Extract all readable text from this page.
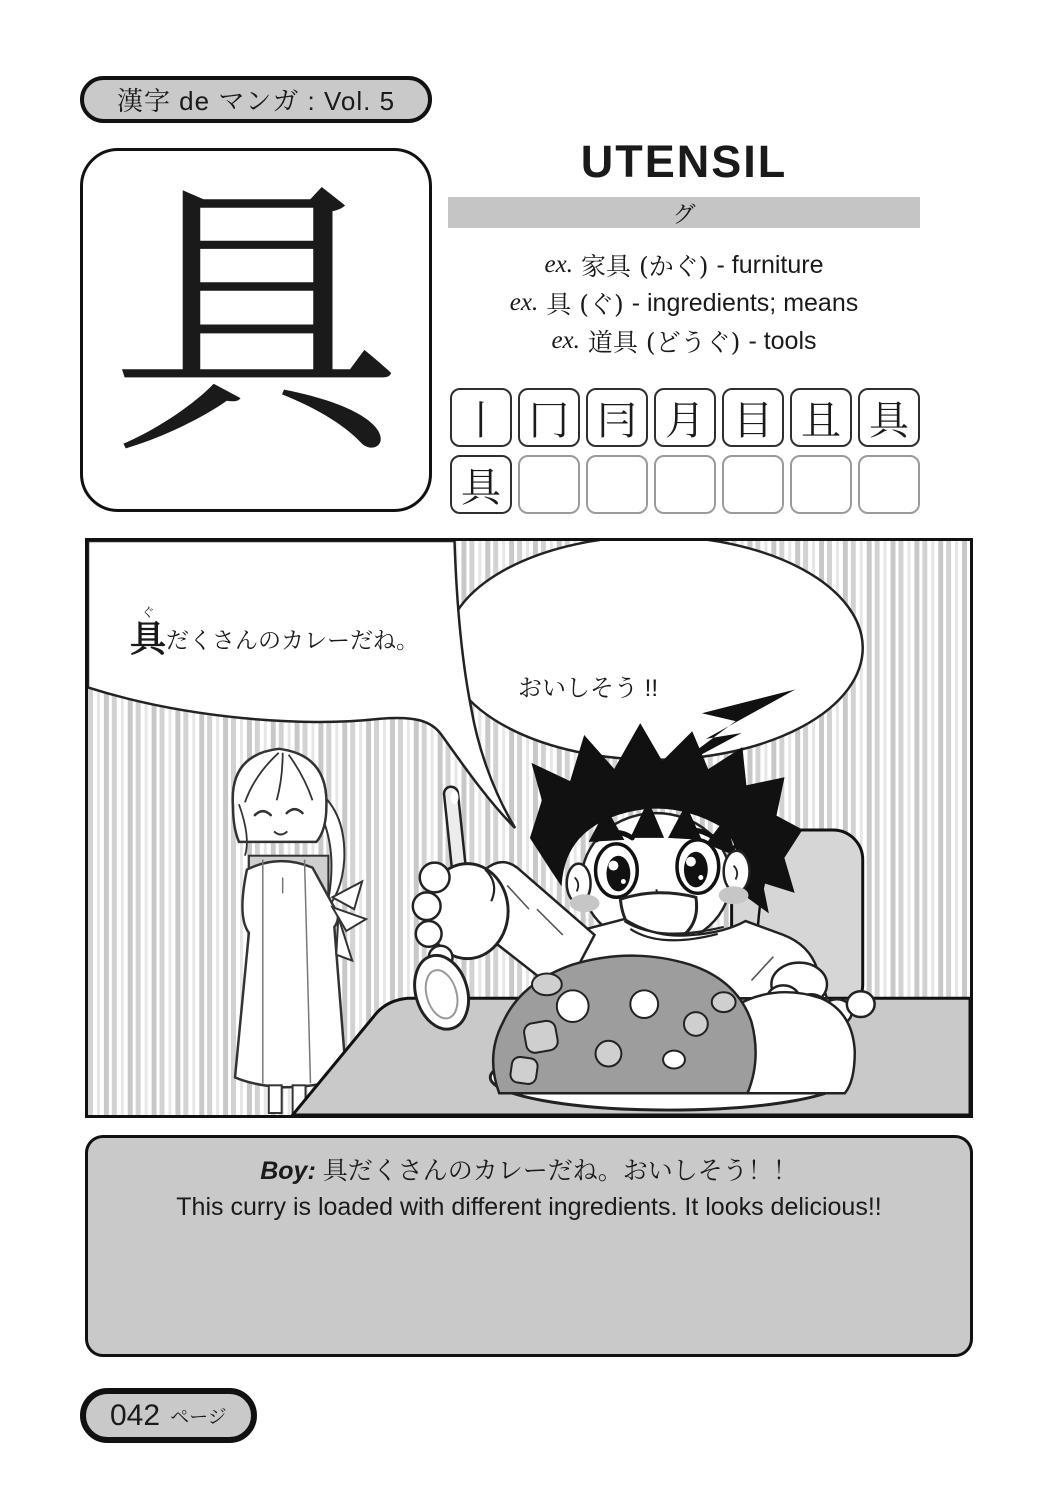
漢字 de マンガ : Vol. 5
具	UTENSIL
グ
ex. 家具 (かぐ) - furniture
ex. 具 (ぐ) - ingredients; means
ex. 道具 (どうぐ) - tools
丨 冂 冃 月 目 且 具
具
ぐ
具 だくさんのカレーだね。
おいしそう !!
Boy: 具だくさんのカレーだね。おいしそう！！
This curry is loaded with different ingredients. It looks delicious!!
042 ページ
